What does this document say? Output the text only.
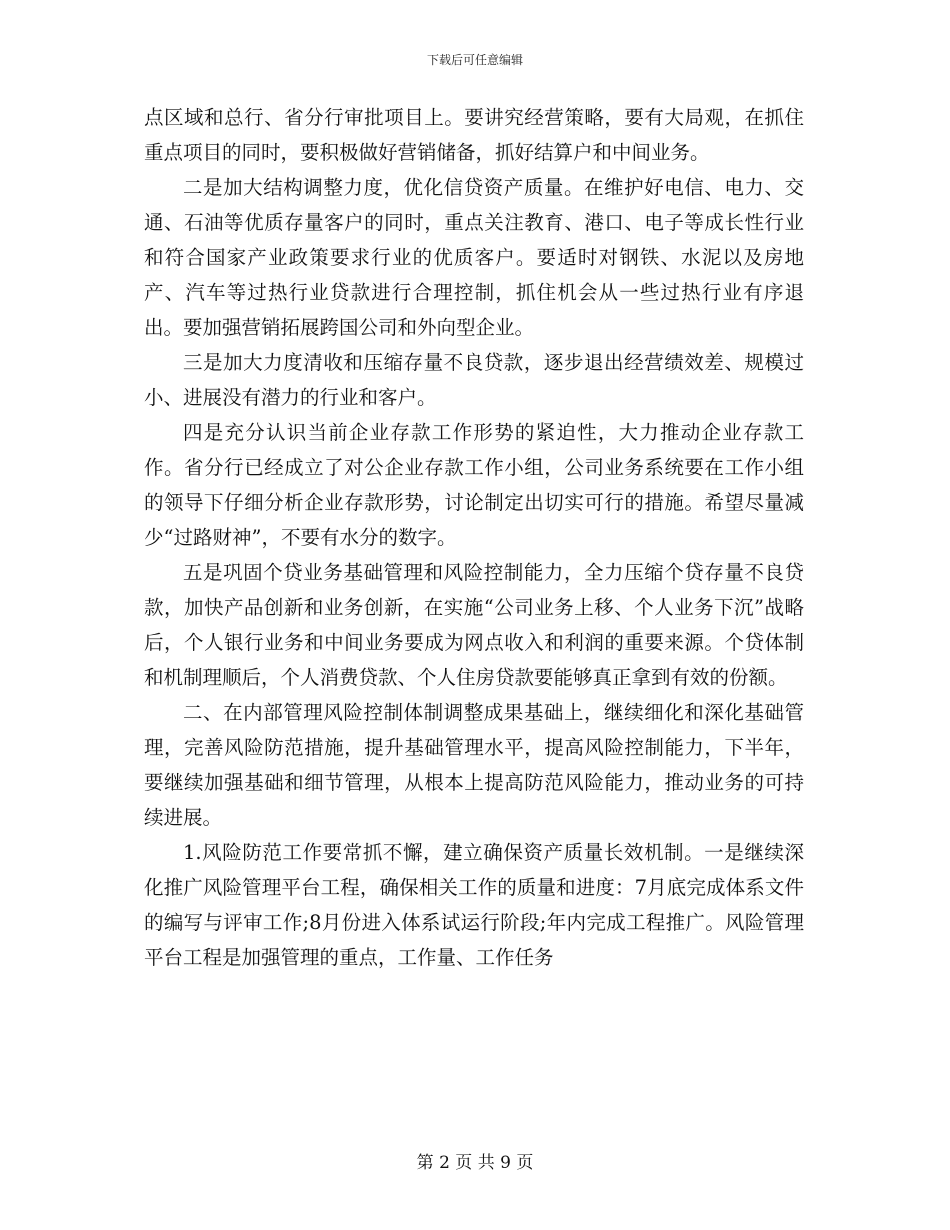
下载后可任意编辑

点区域和总行、省分行审批项目上。要讲究经营策略，要有大局观，在抓住重点项目的同时，要积极做好营销储备，抓好结算户和中间业务。

二是加大结构调整力度，优化信贷资产质量。在维护好电信、电力、交通、石油等优质存量客户的同时，重点关注教育、港口、电子等成长性行业和符合国家产业政策要求行业的优质客户。要适时对钢铁、水泥以及房地产、汽车等过热行业贷款进行合理控制，抓住机会从一些过热行业有序退出。要加强营销拓展跨国公司和外向型企业。

三是加大力度清收和压缩存量不良贷款，逐步退出经营绩效差、规模过小、进展没有潜力的行业和客户。

四是充分认识当前企业存款工作形势的紧迫性，大力推动企业存款工作。省分行已经成立了对公企业存款工作小组，公司业务系统要在工作小组的领导下仔细分析企业存款形势，讨论制定出切实可行的措施。希望尽量减少“过路财神”，不要有水分的数字。

五是巩固个贷业务基础管理和风险控制能力，全力压缩个贷存量不良贷款，加快产品创新和业务创新，在实施“公司业务上移、个人业务下沉”战略后，个人银行业务和中间业务要成为网点收入和利润的重要来源。个贷体制和机制理顺后，个人消费贷款、个人住房贷款要能够真正拿到有效的份额。

二、在内部管理风险控制体制调整成果基础上，继续细化和深化基础管理，完善风险防范措施，提升基础管理水平，提高风险控制能力，下半年，要继续加强基础和细节管理，从根本上提高防范风险能力，推动业务的可持续进展。

1.风险防范工作要常抓不懈，建立确保资产质量长效机制。一是继续深化推广风险管理平台工程，确保相关工作的质量和进度：7月底完成体系文件的编写与评审工作;8月份进入体系试运行阶段;年内完成工程推广。风险管理平台工程是加强管理的重点，工作量、工作任务

第 2 页 共 9 页
